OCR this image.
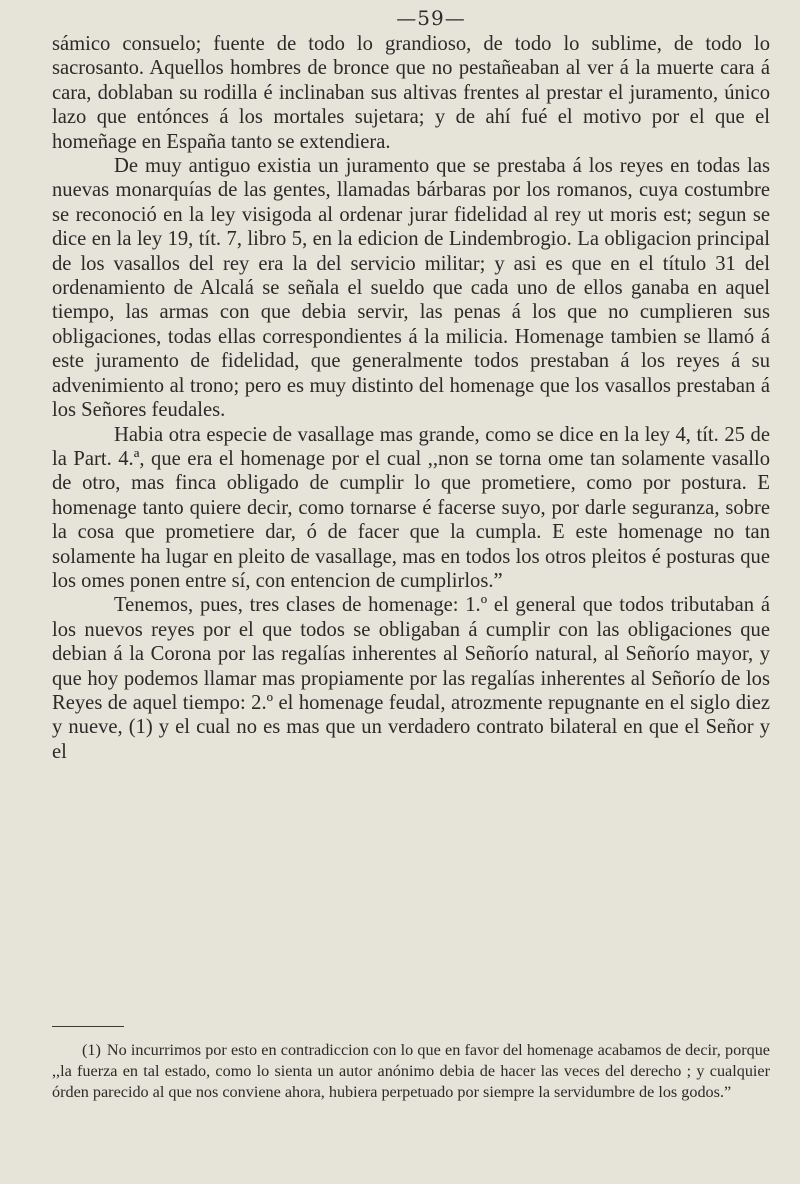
—59—

sámico consuelo; fuente de todo lo grandioso, de todo lo sublime, de todo lo sacrosanto. Aquellos hombres de bronce que no pestañeaban al ver á la muerte cara á cara, doblaban su rodilla é inclinaban sus altivas frentes al prestar el juramento, único lazo que entónces á los mortales sujetara; y de ahí fué el motivo por el que el homeñage en España tanto se extendiera.

De muy antiguo existia un juramento que se prestaba á los reyes en todas las nuevas monarquías de las gentes, llamadas bárbaras por los romanos, cuya costumbre se reconoció en la ley visigoda al ordenar jurar fidelidad al rey ut moris est; segun se dice en la ley 19, tít. 7, libro 5, en la edicion de Lindembrogio. La obligacion principal de los vasallos del rey era la del servicio militar; y asi es que en el título 31 del ordenamiento de Alcalá se señala el sueldo que cada uno de ellos ganaba en aquel tiempo, las armas con que debia servir, las penas á los que no cumplieren sus obligaciones, todas ellas correspondientes á la milicia. Homenage tambien se llamó á este juramento de fidelidad, que generalmente todos prestaban á los reyes á su advenimiento al trono; pero es muy distinto del homenage que los vasallos prestaban á los Señores feudales.

Habia otra especie de vasallage mas grande, como se dice en la ley 4, tít. 25 de la Part. 4.ª, que era el homenage por el cual ,,non se torna ome tan solamente vasallo de otro, mas finca obligado de cumplir lo que prometiere, como por postura. E homenage tanto quiere decir, como tornarse é facerse suyo, por darle seguranza, sobre la cosa que prometiere dar, ó de facer que la cumpla. E este homenage no tan solamente ha lugar en pleito de vasallage, mas en todos los otros pleitos é posturas que los omes ponen entre sí, con entencion de cumplirlos.”

Tenemos, pues, tres clases de homenage: 1.º el general que todos tributaban á los nuevos reyes por el que todos se obligaban á cumplir con las obligaciones que debian á la Corona por las regalías inherentes al Señorío natural, al Señorío mayor, y que hoy podemos llamar mas propiamente por las regalías inherentes al Señorío de los Reyes de aquel tiempo: 2.º el homenage feudal, atrozmente repugnante en el siglo diez y nueve, (1) y el cual no es mas que un verdadero contrato bilateral en que el Señor y el

(1) No incurrimos por esto en contradiccion con lo que en favor del homenage acabamos de decir, porque ,,la fuerza en tal estado, como lo sienta un autor anónimo debia de hacer las veces del derecho ; y cualquier órden parecido al que nos conviene ahora, hubiera perpetuado por siempre la servidumbre de los godos.”
